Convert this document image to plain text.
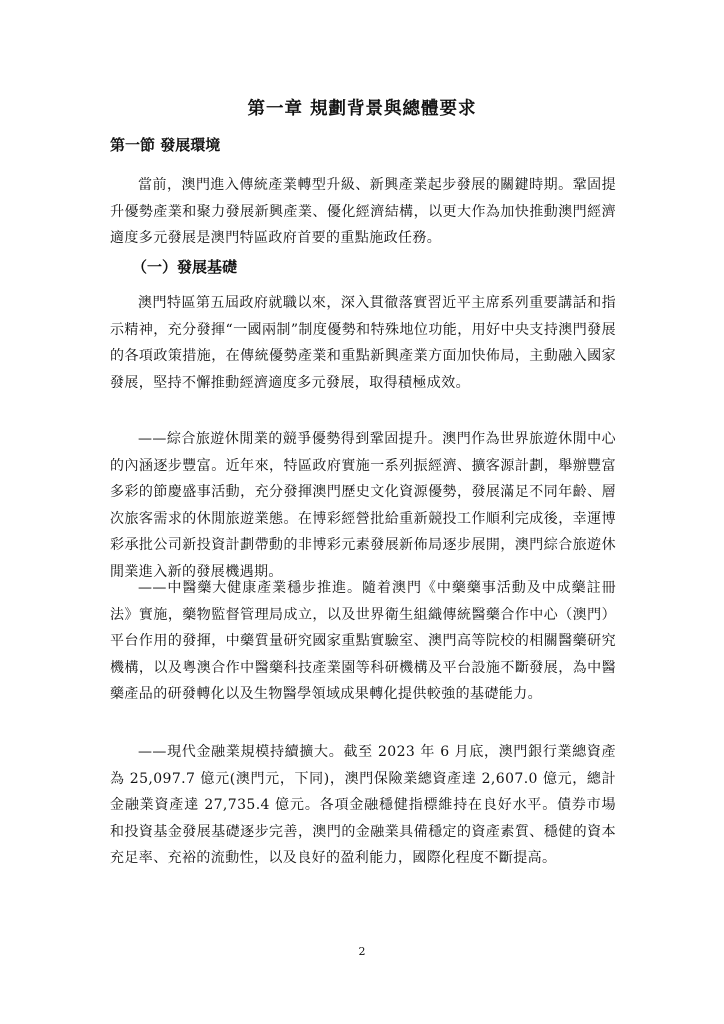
第一章 規劃背景與總體要求
第一節 發展環境

當前，澳門進入傳統產業轉型升級、新興產業起步發展的關鍵時期。鞏固提升優勢產業和聚力發展新興產業、優化經濟結構，以更大作為加快推動澳門經濟適度多元發展是澳門特區政府首要的重點施政任務。

（一）發展基礎

澳門特區第五屆政府就職以來，深入貫徹落實習近平主席系列重要講話和指示精神，充分發揮“一國兩制”制度優勢和特殊地位功能，用好中央支持澳門發展的各項政策措施，在傳統優勢產業和重點新興產業方面加快佈局，主動融入國家發展，堅持不懈推動經濟適度多元發展，取得積極成效。

——綜合旅遊休閒業的競爭優勢得到鞏固提升。澳門作為世界旅遊休閒中心的內涵逐步豐富。近年來，特區政府實施一系列振經濟、擴客源計劃，舉辦豐富多彩的節慶盛事活動，充分發揮澳門歷史文化資源優勢，發展滿足不同年齡、層次旅客需求的休閒旅遊業態。在博彩經營批給重新競投工作順利完成後，幸運博彩承批公司新投資計劃帶動的非博彩元素發展新佈局逐步展開，澳門綜合旅遊休閒業進入新的發展機遇期。

——中醫藥大健康產業穩步推進。隨着澳門《中藥藥事活動及中成藥註冊法》實施，藥物監督管理局成立，以及世界衛生組織傳統醫藥合作中心（澳門）平台作用的發揮，中藥質量研究國家重點實驗室、澳門高等院校的相關醫藥研究機構，以及粵澳合作中醫藥科技產業園等科研機構及平台設施不斷發展，為中醫藥產品的研發轉化以及生物醫學領域成果轉化提供較強的基礎能力。

——現代金融業規模持續擴大。截至 2023 年 6 月底，澳門銀行業總資產為 25,097.7 億元(澳門元，下同)，澳門保險業總資產達 2,607.0 億元，總計金融業資產達 27,735.4 億元。各項金融穩健指標維持在良好水平。債券市場和投資基金發展基礎逐步完善，澳門的金融業具備穩定的資產素質、穩健的資本充足率、充裕的流動性，以及良好的盈利能力，國際化程度不斷提高。

2
